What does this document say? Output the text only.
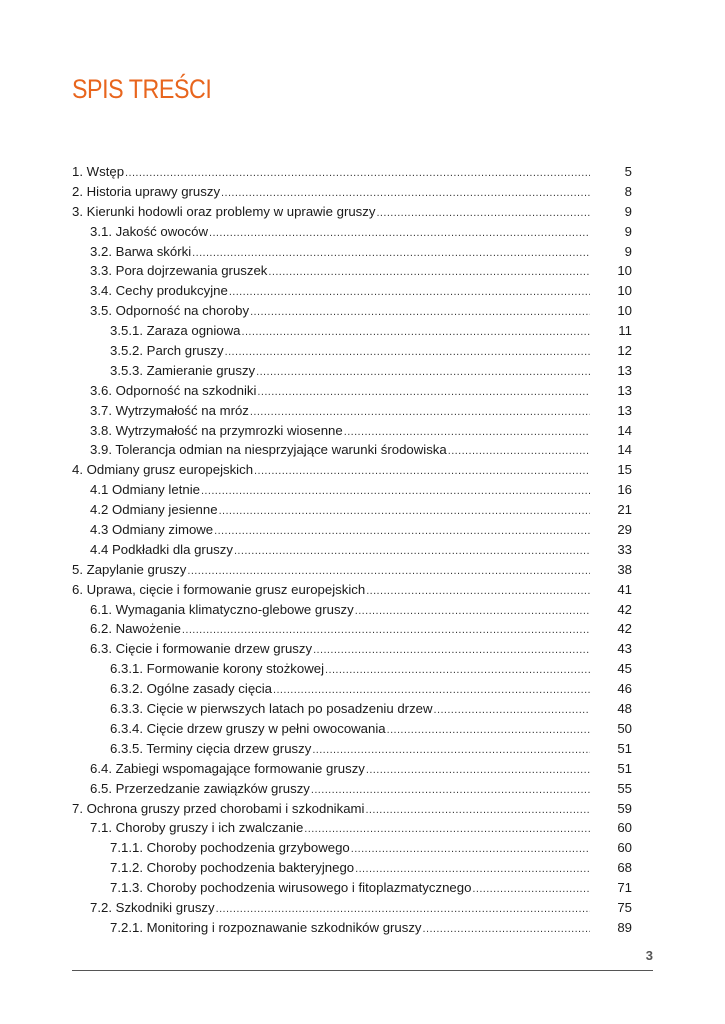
SPIS TREŚCI
1. Wstęp .....	5
2. Historia uprawy gruszy .....	8
3. Kierunki hodowli oraz problemy w uprawie gruszy .....	9
3.1. Jakość owoców .....	9
3.2. Barwa skórki .....	9
3.3. Pora dojrzewania gruszek .....	10
3.4. Cechy produkcyjne .....	10
3.5. Odporność na choroby .....	10
3.5.1. Zaraza ogniowa .....	11
3.5.2. Parch gruszy .....	12
3.5.3. Zamieranie gruszy .....	13
3.6. Odporność na szkodniki .....	13
3.7. Wytrzymałość na mróz .....	13
3.8. Wytrzymałość na przymrozki wiosenne .....	14
3.9. Tolerancja odmian na niesprzyjające warunki środowiska .....	14
4. Odmiany grusz europejskich .....	15
4.1 Odmiany letnie .....	16
4.2 Odmiany jesienne .....	21
4.3 Odmiany zimowe .....	29
4.4 Podkładki dla gruszy .....	33
5. Zapylanie gruszy .....	38
6. Uprawa, cięcie i formowanie grusz europejskich .....	41
6.1. Wymagania klimatyczno-glebowe gruszy .....	42
6.2. Nawożenie .....	42
6.3. Cięcie i formowanie drzew gruszy .....	43
6.3.1. Formowanie korony stożkowej .....	45
6.3.2. Ogólne zasady cięcia .....	46
6.3.3. Cięcie w pierwszych latach po posadzeniu drzew .....	48
6.3.4. Cięcie drzew gruszy w pełni owocowania .....	50
6.3.5. Terminy cięcia drzew gruszy .....	51
6.4. Zabiegi wspomagające formowanie gruszy .....	51
6.5. Przerzedzanie zawiązków gruszy .....	55
7. Ochrona gruszy przed chorobami i szkodnikami .....	59
7.1. Choroby gruszy i ich zwalczanie .....	60
7.1.1. Choroby pochodzenia grzybowego .....	60
7.1.2. Choroby pochodzenia bakteryjnego .....	68
7.1.3. Choroby pochodzenia wirusowego i fitoplazmatycznego .....	71
7.2. Szkodniki gruszy .....	75
7.2.1. Monitoring i rozpoznawanie szkodników gruszy .....	89
3
